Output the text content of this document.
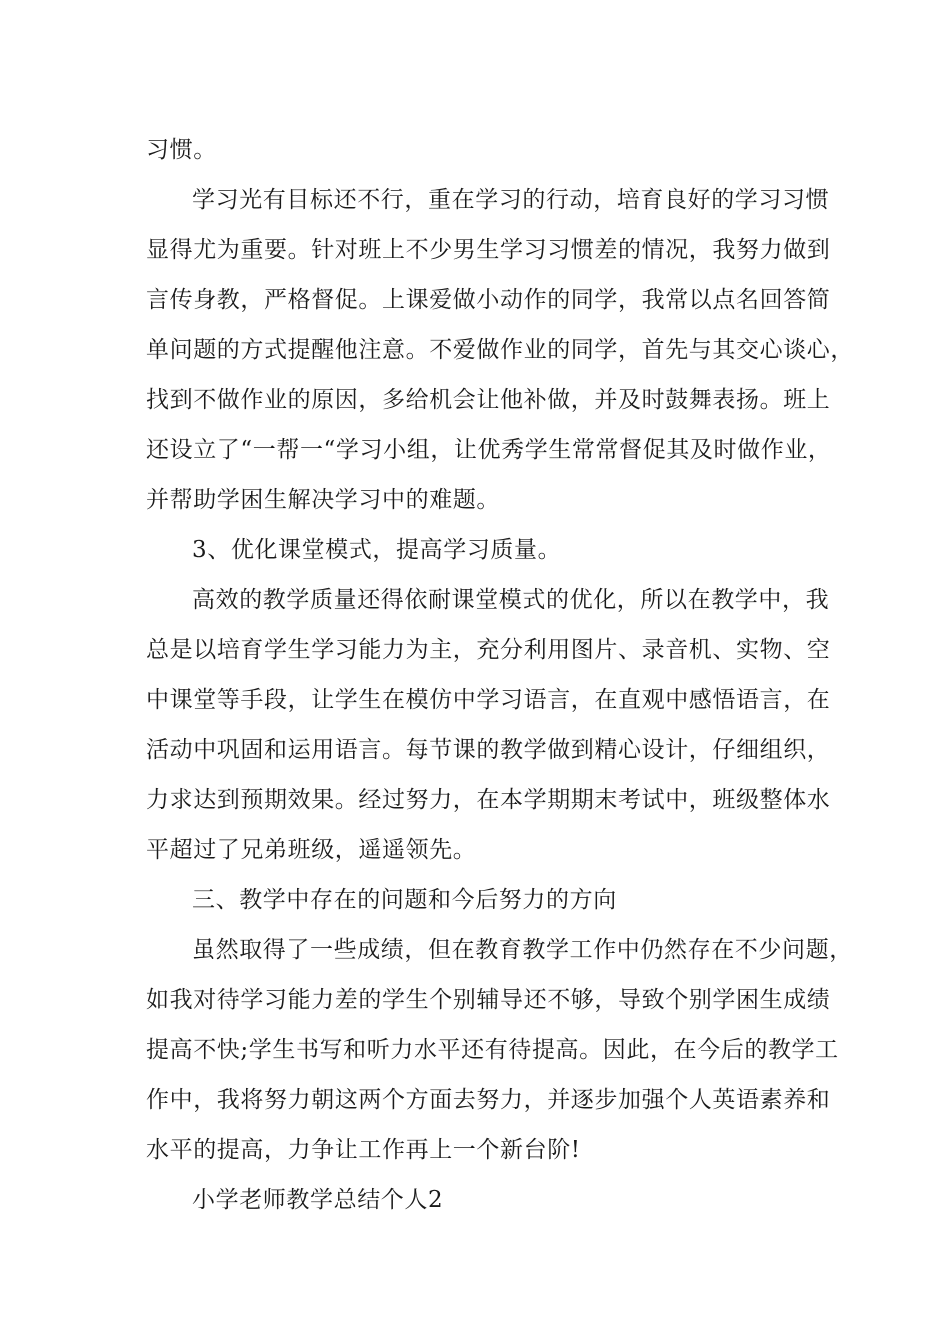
习惯。
学习光有目标还不行，重在学习的行动，培育良好的学习习惯
显得尤为重要。针对班上不少男生学习习惯差的情况，我努力做到
言传身教，严格督促。上课爱做小动作的同学，我常以点名回答简
单问题的方式提醒他注意。不爱做作业的同学，首先与其交心谈心，
找到不做作业的原因，多给机会让他补做，并及时鼓舞表扬。班上
还设立了“一帮一“学习小组，让优秀学生常常督促其及时做作业，
并帮助学困生解决学习中的难题。
3、优化课堂模式，提高学习质量。
高效的教学质量还得依耐课堂模式的优化，所以在教学中，我
总是以培育学生学习能力为主，充分利用图片、录音机、实物、空
中课堂等手段，让学生在模仿中学习语言，在直观中感悟语言，在
活动中巩固和运用语言。每节课的教学做到精心设计，仔细组织，
力求达到预期效果。经过努力，在本学期期末考试中，班级整体水
平超过了兄弟班级，遥遥领先。
三、教学中存在的问题和今后努力的方向
虽然取得了一些成绩，但在教育教学工作中仍然存在不少问题，
如我对待学习能力差的学生个别辅导还不够，导致个别学困生成绩
提高不快;学生书写和听力水平还有待提高。因此，在今后的教学工
作中，我将努力朝这两个方面去努力，并逐步加强个人英语素养和
水平的提高，力争让工作再上一个新台阶!
小学老师教学总结个人2
